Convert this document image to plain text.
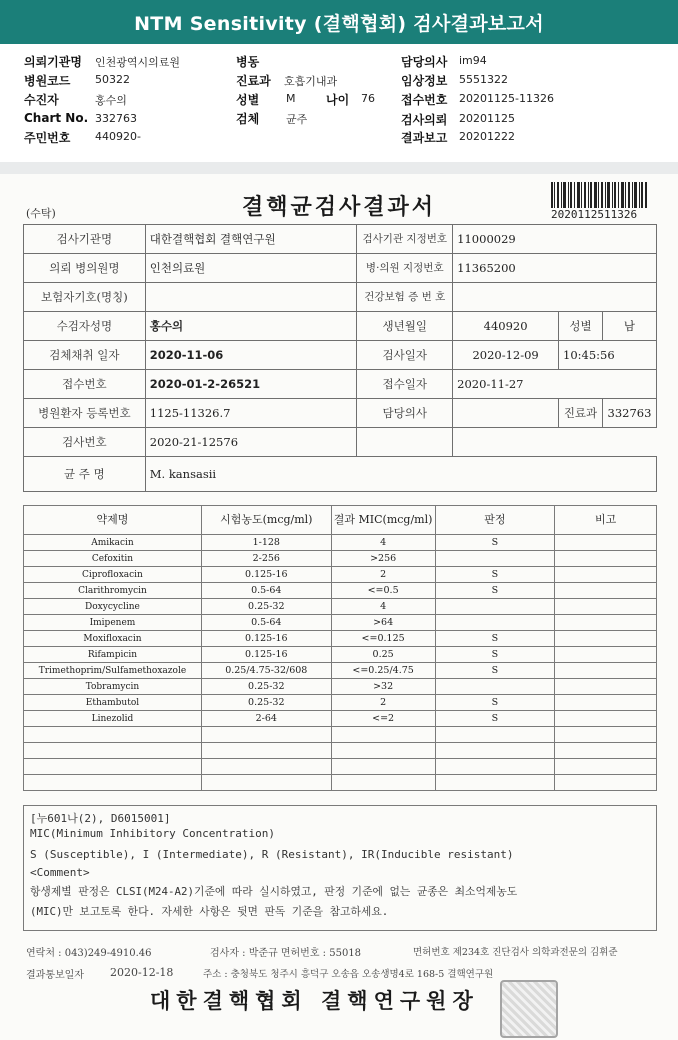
NTM Sensitivity (결핵협회) 검사결과보고서
의뢰기관명 인천광역시의료원
병원코드 50322
수진자	홍수의
Chart No. 332763
주민번호 440920-
병동
진료과 호흡기내과
성별 M	나이 76
검체 균주
담당의사 im94
임상정보 5551322
접수번호 20201125-11326
검사의뢰 20201125
결과보고 20201222
(수탁)	결핵균검사결과서	2020112511326
검사기관명	대한결핵협회 결핵연구원	검사기관 지정번호	11000029		
의뢰 병의원명	인천의료원	병·의원 지정번호	11365200		
보험자기호(명칭)		건강보험 증 번 호			
수검자성명	홍수의	생년월일	440920	성별	남
검체채취 일자	2020-11-06	검사일자	2020-12-09	10:45:56	
접수번호	2020-01-2-26521	접수일자	2020-11-27		
병원환자 등록번호	1125-11326.7	담당의사		진료과	332763
검사번호	2020-21-12576				
균 주 명	M. kansasii				
약제명	시험농도(mcg/ml)	결과 MIC(mcg/ml)	판정	비고
Amikacin	1-128	4	S	
Cefoxitin	2-256	>256		
Ciprofloxacin	0.125-16	2	S	
Clarithromycin	0.5-64	<=0.5	S	
Doxycycline	0.25-32	4		
Imipenem	0.5-64	>64		
Moxifloxacin	0.125-16	<=0.125	S	
Rifampicin	0.125-16	0.25	S	
Trimethoprim/Sulfamethoxazole	0.25/4.75-32/608	<=0.25/4.75	S	
Tobramycin	0.25-32	>32		
Ethambutol	0.25-32	2	S	
Linezolid	2-64	<=2	S	

[누601나(2), D6015001]
MIC(Minimum Inhibitory Concentration)
S (Susceptible), I (Intermediate), R (Resistant), IR(Inducible resistant)
<Comment>
항생제별 판정은 CLSI(M24-A2)기준에 따라 실시하였고, 판정 기준에 없는 균종은 최소억제농도
(MIC)만 보고토록 한다. 자세한 사항은 뒷면 판독 기준을 참고하세요.
연락처 : 043)249-4910.46	검사자 : 박준규 면허번호 : 55018	면허번호 제234호 진단검사 의학과전문의 김휘준
결과통보일자 2020-12-18	주소 : 충청북도 청주시 흥덕구 오송읍 오송생명4로 168-5 결핵연구원
대한결핵협회 결핵연구원장
